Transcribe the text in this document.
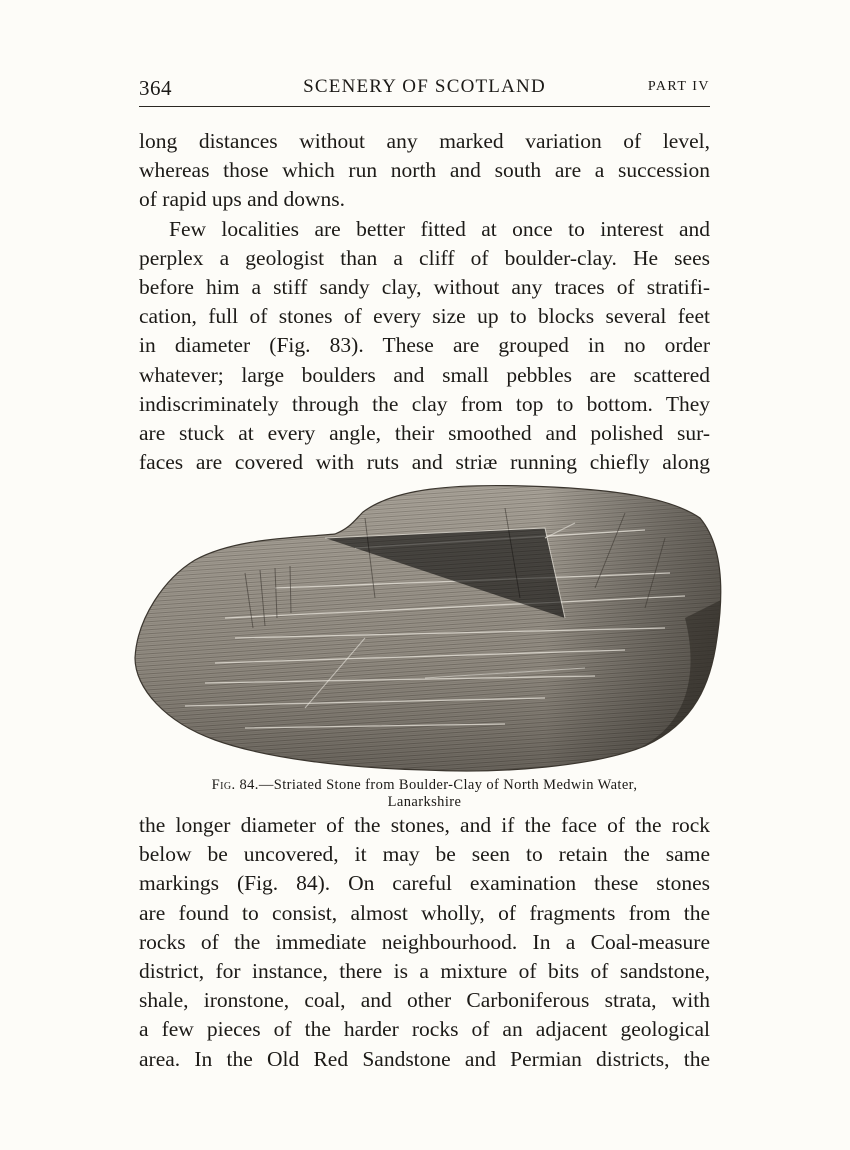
364	SCENERY OF SCOTLAND	PART IV
long distances without any marked variation of level,
whereas those which run north and south are a succession
of rapid ups and downs.
Few localities are better fitted at once to interest and
perplex a geologist than a cliff of boulder-clay. He sees
before him a stiff sandy clay, without any traces of stratifi-
cation, full of stones of every size up to blocks several feet
in diameter (Fig. 83). These are grouped in no order
whatever; large boulders and small pebbles are scattered
indiscriminately through the clay from top to bottom. They
are stuck at every angle, their smoothed and polished sur-
faces are covered with ruts and striæ running chiefly along
Fig. 84.—Striated Stone from Boulder-Clay of North Medwin Water,
Lanarkshire
the longer diameter of the stones, and if the face of the rock
below be uncovered, it may be seen to retain the same
markings (Fig. 84). On careful examination these stones
are found to consist, almost wholly, of fragments from the
rocks of the immediate neighbourhood. In a Coal-measure
district, for instance, there is a mixture of bits of sandstone,
shale, ironstone, coal, and other Carboniferous strata, with
a few pieces of the harder rocks of an adjacent geological
area. In the Old Red Sandstone and Permian districts, the
